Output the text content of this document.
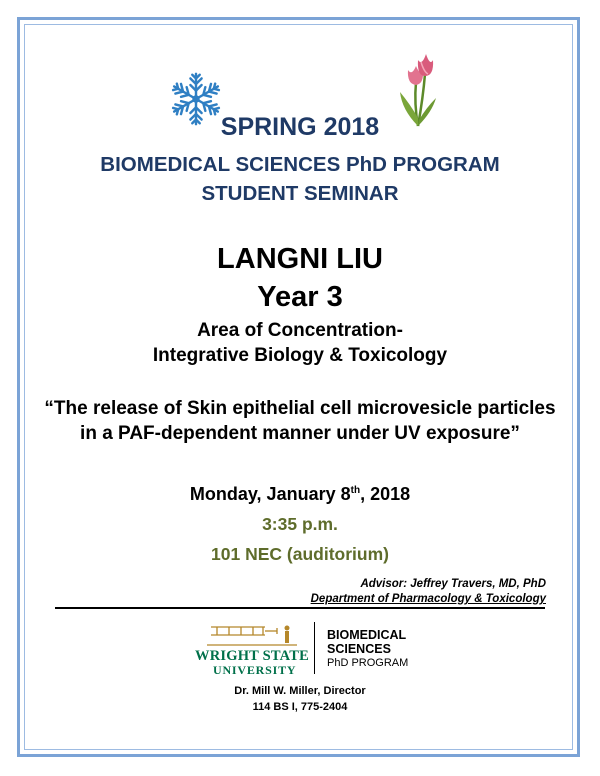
SPRING 2018
BIOMEDICAL SCIENCES PhD PROGRAM
STUDENT SEMINAR
LANGNI LIU
Year 3
Area of Concentration-
Integrative Biology & Toxicology
“The release of Skin epithelial cell microvesicle particles
in a PAF-dependent manner under UV exposure”
Monday, January 8th, 2018
3:35 p.m.
101 NEC (auditorium)
Advisor: Jeffrey Travers, MD, PhD
Department of Pharmacology & Toxicology
WRIGHT STATE
UNIVERSITY
BIOMEDICAL
SCIENCES
PhD PROGRAM
Dr. Mill W. Miller, Director
114 BS I, 775-2404
